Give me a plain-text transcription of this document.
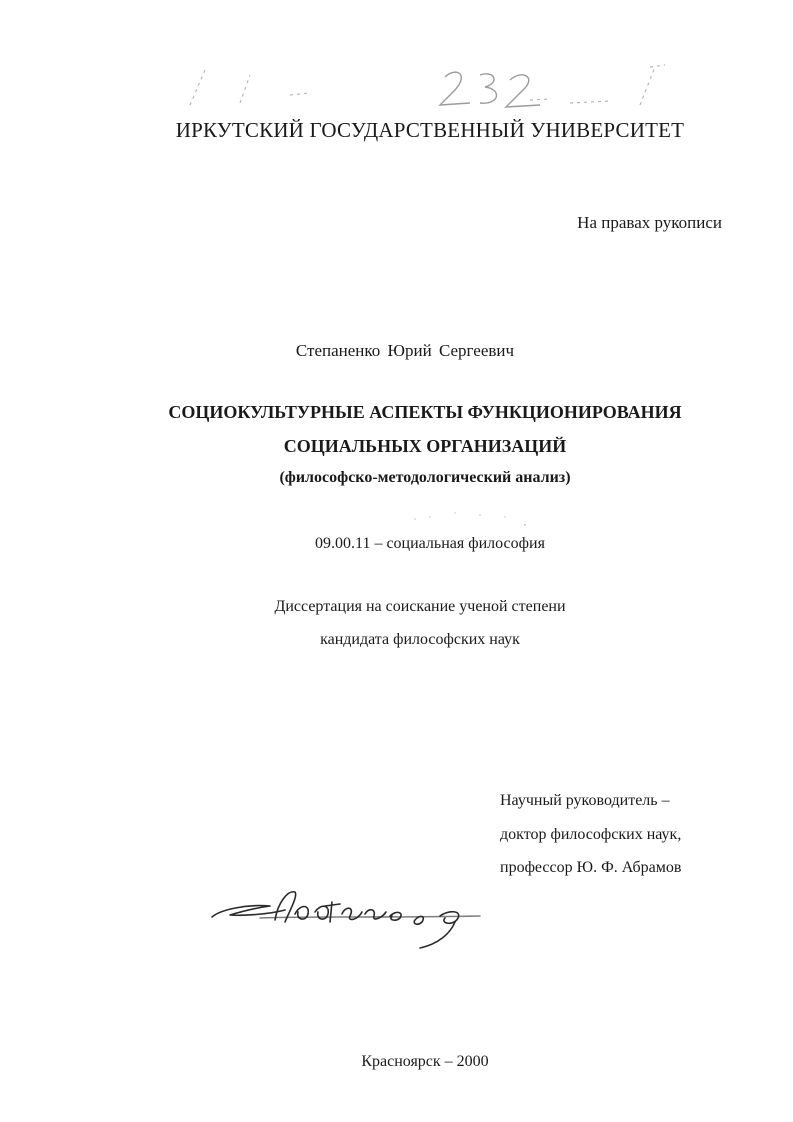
ИРКУТСКИЙ ГОСУДАРСТВЕННЫЙ УНИВЕРСИТЕТ
На правах рукописи
Степаненко Юрий Сергеевич
СОЦИОКУЛЬТУРНЫЕ АСПЕКТЫ ФУНКЦИОНИРОВАНИЯ
СОЦИАЛЬНЫХ ОРГАНИЗАЦИЙ
(философско-методологический анализ)
09.00.11 – социальная философия
Диссертация на соискание ученой степени
кандидата философских наук
Научный руководитель –
доктор философских наук,
профессор Ю. Ф. Абрамов
Красноярск – 2000
